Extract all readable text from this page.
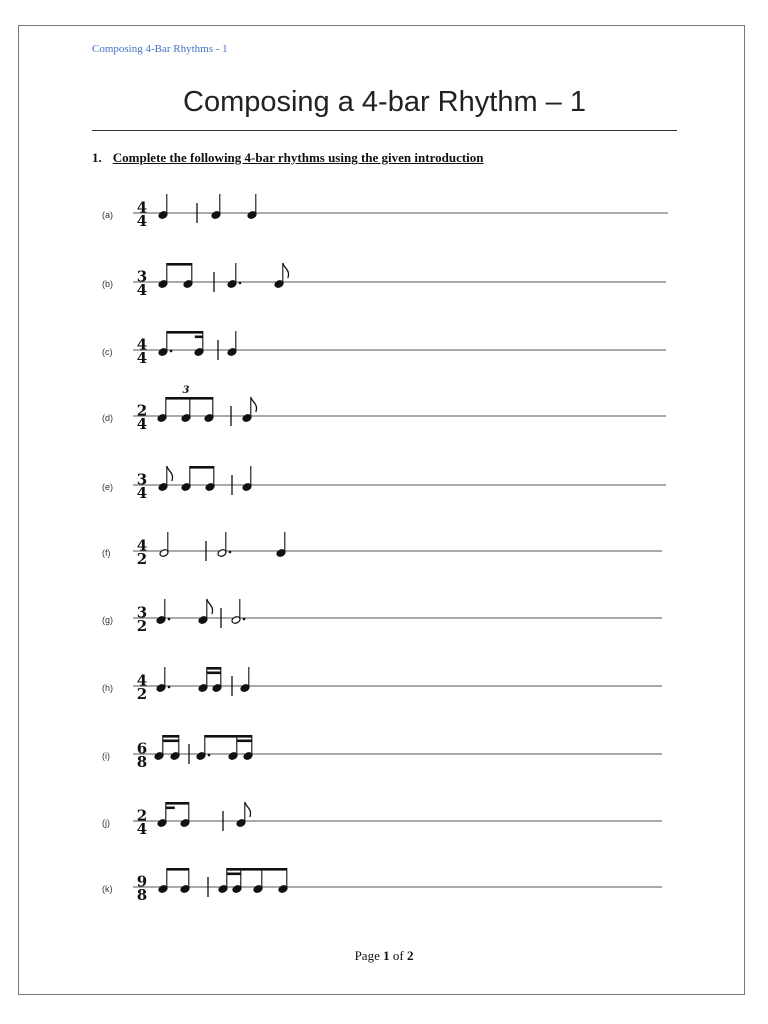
Composing 4-Bar Rhythms - 1
Composing a 4-bar Rhythm – 1
1. Complete the following 4-bar rhythms using the given introduction
(a) 4
4
(b) 3
4
(c) 4
4
(d) 2
4
3
(e) 3
4
(f) 4
2
(g) 3
2
(h) 4
2
(i) 6
8
(j) 2
4
(k) 9
8
Page 1 of 2
